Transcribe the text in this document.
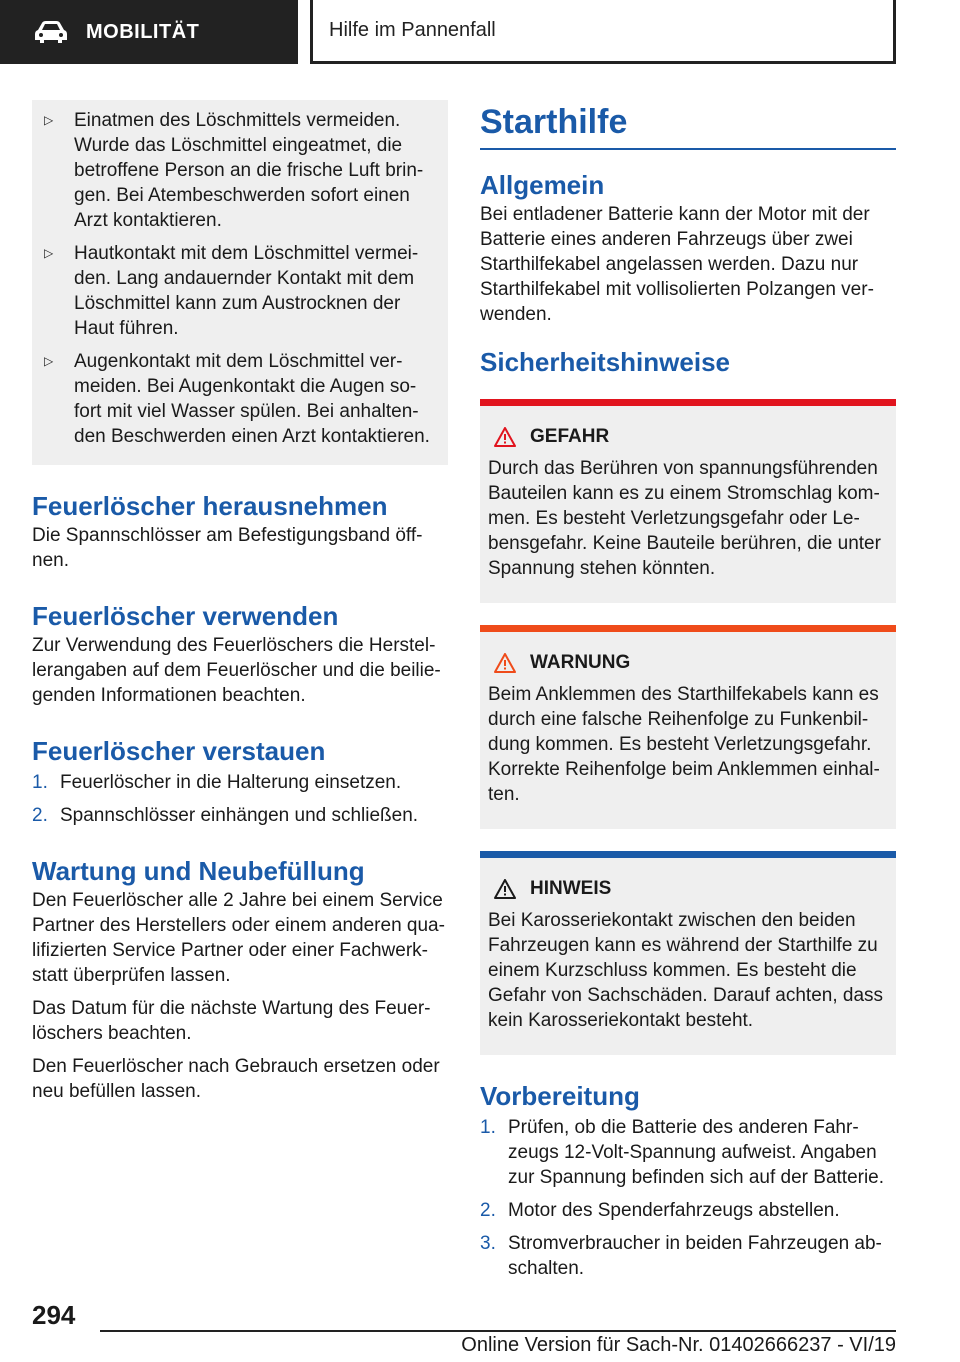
MOBILITÄT	Hilfe im Pannenfall
▷	Einatmen des Löschmittels vermeiden. Wurde das Löschmittel eingeatmet, die betroffene Person an die frische Luft brin-gen. Bei Atembeschwerden sofort einen Arzt kontaktieren.
▷	Hautkontakt mit dem Löschmittel vermei-den. Lang andauernder Kontakt mit dem Löschmittel kann zum Austrocknen der Haut führen.
▷	Augenkontakt mit dem Löschmittel ver-meiden. Bei Augenkontakt die Augen so-fort mit viel Wasser spülen. Bei anhalten-den Beschwerden einen Arzt kontaktieren.
Feuerlöscher herausnehmen

Die Spannschlösser am Befestigungsband öff-nen.

Feuerlöscher verwenden

Zur Verwendung des Feuerlöschers die Herstel-lerangaben auf dem Feuerlöscher und die beilie-genden Informationen beachten.

Feuerlöscher verstauen
1. Feuerlöscher in die Halterung einsetzen.
2. Spannschlösser einhängen und schließen.
Wartung und Neubefüllung

Den Feuerlöscher alle 2 Jahre bei einem Service Partner des Herstellers oder einem anderen qua-lifizierten Service Partner oder einer Fachwerk-statt überprüfen lassen.

Das Datum für die nächste Wartung des Feuer-löschers beachten.

Den Feuerlöscher nach Gebrauch ersetzen oder neu befüllen lassen.

Starthilfe
Allgemein

Bei entladener Batterie kann der Motor mit der Batterie eines anderen Fahrzeugs über zwei Starthilfekabel angelassen werden. Dazu nur Starthilfekabel mit vollisolierten Polzangen ver-wenden.

Sicherheitshinweise
GEFAHR

Durch das Berühren von spannungsführenden Bauteilen kann es zu einem Stromschlag kom-men. Es besteht Verletzungsgefahr oder Le-bensgefahr. Keine Bauteile berühren, die unter Spannung stehen könnten.

WARNUNG

Beim Anklemmen des Starthilfekabels kann es durch eine falsche Reihenfolge zu Funkenbil-dung kommen. Es besteht Verletzungsgefahr. Korrekte Reihenfolge beim Anklemmen einhal-ten.

HINWEIS

Bei Karosseriekontakt zwischen den beiden Fahrzeugen kann es während der Starthilfe zu einem Kurzschluss kommen. Es besteht die Gefahr von Sachschäden. Darauf achten, dass kein Karosseriekontakt besteht.

Vorbereitung
1. Prüfen, ob die Batterie des anderen Fahr-zeugs 12-Volt-Spannung aufweist. Angaben zur Spannung befinden sich auf der Batterie.
2. Motor des Spenderfahrzeugs abstellen.
3. Stromverbraucher in beiden Fahrzeugen ab-schalten.
294
Online Version für Sach-Nr. 01402666237 - VI/19
